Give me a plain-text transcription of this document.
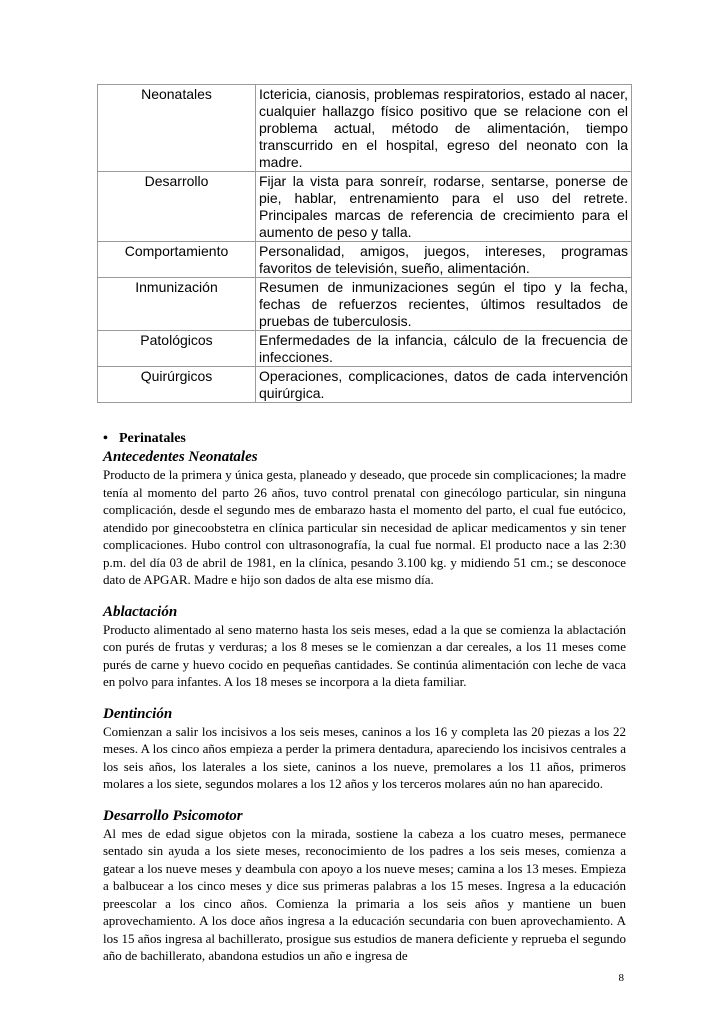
Neonatales	Ictericia, cianosis, problemas respiratorios, estado al nacer, cualquier hallazgo físico positivo que se relacione con el problema actual, método de alimentación, tiempo transcurrido en el hospital, egreso del neonato con la madre.
Desarrollo	Fijar la vista para sonreír, rodarse, sentarse, ponerse de pie, hablar, entrenamiento para el uso del retrete. Principales marcas de referencia de crecimiento para el aumento de peso y talla.
Comportamiento	Personalidad, amigos, juegos, intereses, programas favoritos de televisión, sueño, alimentación.
Inmunización	Resumen de inmunizaciones según el tipo y la fecha, fechas de refuerzos recientes, últimos resultados de pruebas de tuberculosis.
Patológicos	Enfermedades de la infancia, cálculo de la frecuencia de infecciones.
Quirúrgicos	Operaciones, complicaciones, datos de cada intervención quirúrgica.

• Perinatales

Antecedentes Neonatales

Producto de la primera y única gesta, planeado y deseado, que procede sin complicaciones; la madre tenía al momento del parto 26 años, tuvo control prenatal con ginecólogo particular, sin ninguna complicación, desde el segundo mes de embarazo hasta el momento del parto, el cual fue eutócico, atendido por ginecoobstetra en clínica particular sin necesidad de aplicar medicamentos y sin tener complicaciones. Hubo control con ultrasonografía, la cual fue normal. El producto nace a las 2:30 p.m. del día 03 de abril de 1981, en la clínica, pesando 3.100 kg. y midiendo 51 cm.; se desconoce dato de APGAR. Madre e hijo son dados de alta ese mismo día.

Ablactación

Producto alimentado al seno materno hasta los seis meses, edad a la que se comienza la ablactación con purés de frutas y verduras; a los 8 meses se le comienzan a dar cereales, a los 11 meses come purés de carne y huevo cocido en pequeñas cantidades. Se continúa alimentación con leche de vaca en polvo para infantes. A los 18 meses se incorpora a la dieta familiar.

Dentinción

Comienzan a salir los incisivos a los seis meses, caninos a los 16 y completa las 20 piezas a los 22 meses. A los cinco años empieza a perder la primera dentadura, apareciendo los incisivos centrales a los seis años, los laterales a los siete, caninos a los nueve, premolares a los 11 años, primeros molares a los siete, segundos molares a los 12 años y los terceros molares aún no han aparecido.

Desarrollo Psicomotor

Al mes de edad sigue objetos con la mirada, sostiene la cabeza a los cuatro meses, permanece sentado sin ayuda a los siete meses, reconocimiento de los padres a los seis meses, comienza a gatear a los nueve meses y deambula con apoyo a los nueve meses; camina a los 13 meses. Empieza a balbucear a los cinco meses y dice sus primeras palabras a los 15 meses. Ingresa a la educación preescolar a los cinco años. Comienza la primaria a los seis años y mantiene un buen aprovechamiento. A los doce años ingresa a la educación secundaria con buen aprovechamiento. A los 15 años ingresa al bachillerato, prosigue sus estudios de manera deficiente y reprueba el segundo año de bachillerato, abandona estudios un año e ingresa de

8
